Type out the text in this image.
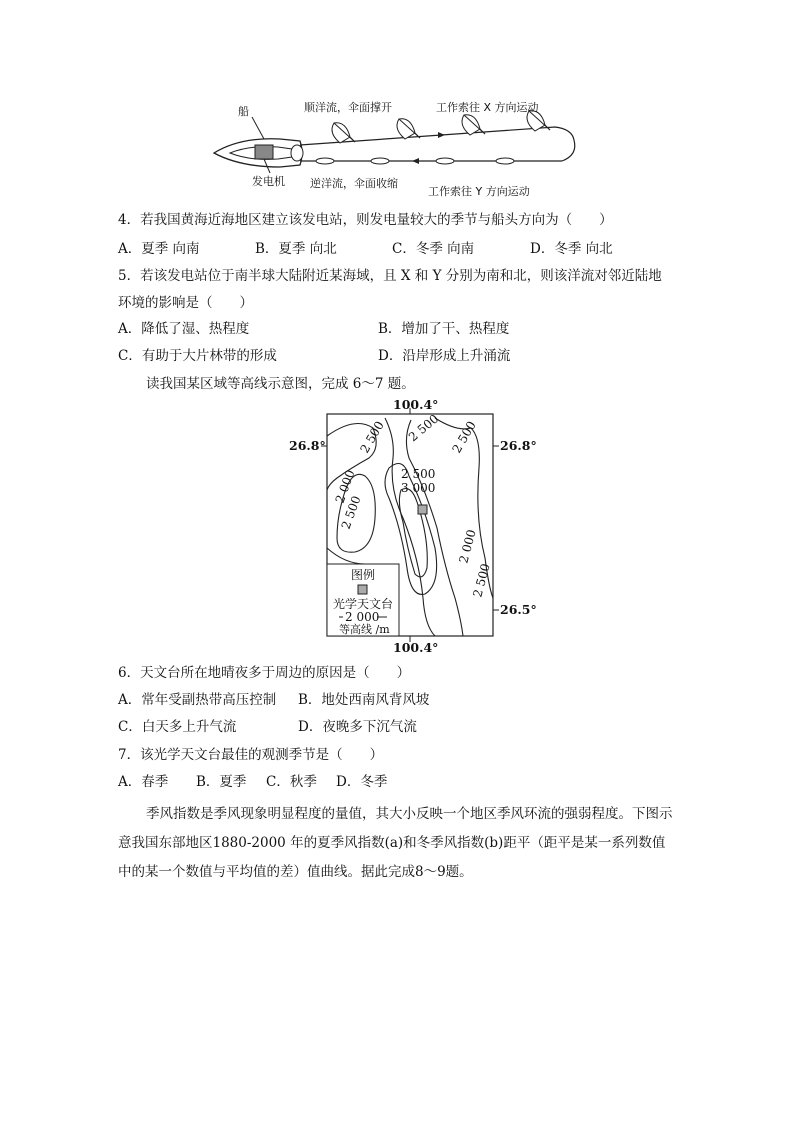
船
发电机
顺洋流，伞面撑开	工作索往 X 方向运动
逆洋流，伞面收缩
工作索往 Y 方向运动
4．若我国黄海近海地区建立该发电站，则发电量较大的季节与船头方向为（　　）
A．夏季 向南	B．夏季 向北	C．冬季 向南	D．冬季 向北
5．若该发电站位于南半球大陆附近某海域，且 X 和 Y 分别为南和北，则该洋流对邻近陆地
环境的影响是（　　）
A．降低了湿、热程度	B．增加了干、热程度
C．有助于大片林带的形成	D．沿岸形成上升涌流
读我国某区域等高线示意图，完成 6～7 题。
100.4°
100.4°
26.8°	26.8°
26.5°
2 500 2 500 2 500
2 000
2 500
2 500
3 000
2 000
2 500
图例
光学天文台
2 000
等高线 /m
6．天文台所在地晴夜多于周边的原因是（　　）
A．常年受副热带高压控制 B．地处西南风背风坡
C．白天多上升气流	D．夜晚多下沉气流
7．该光学天文台最佳的观测季节是（　　）
A．春季 B．夏季 C．秋季 D．冬季
季风指数是季风现象明显程度的量值，其大小反映一个地区季风环流的强弱程度。下图示意我国东部地区1880-2000 年的夏季风指数(a)和冬季风指数(b)距平（距平是某一系列数值中的某一个数值与平均值的差）值曲线。据此完成8～9题。
